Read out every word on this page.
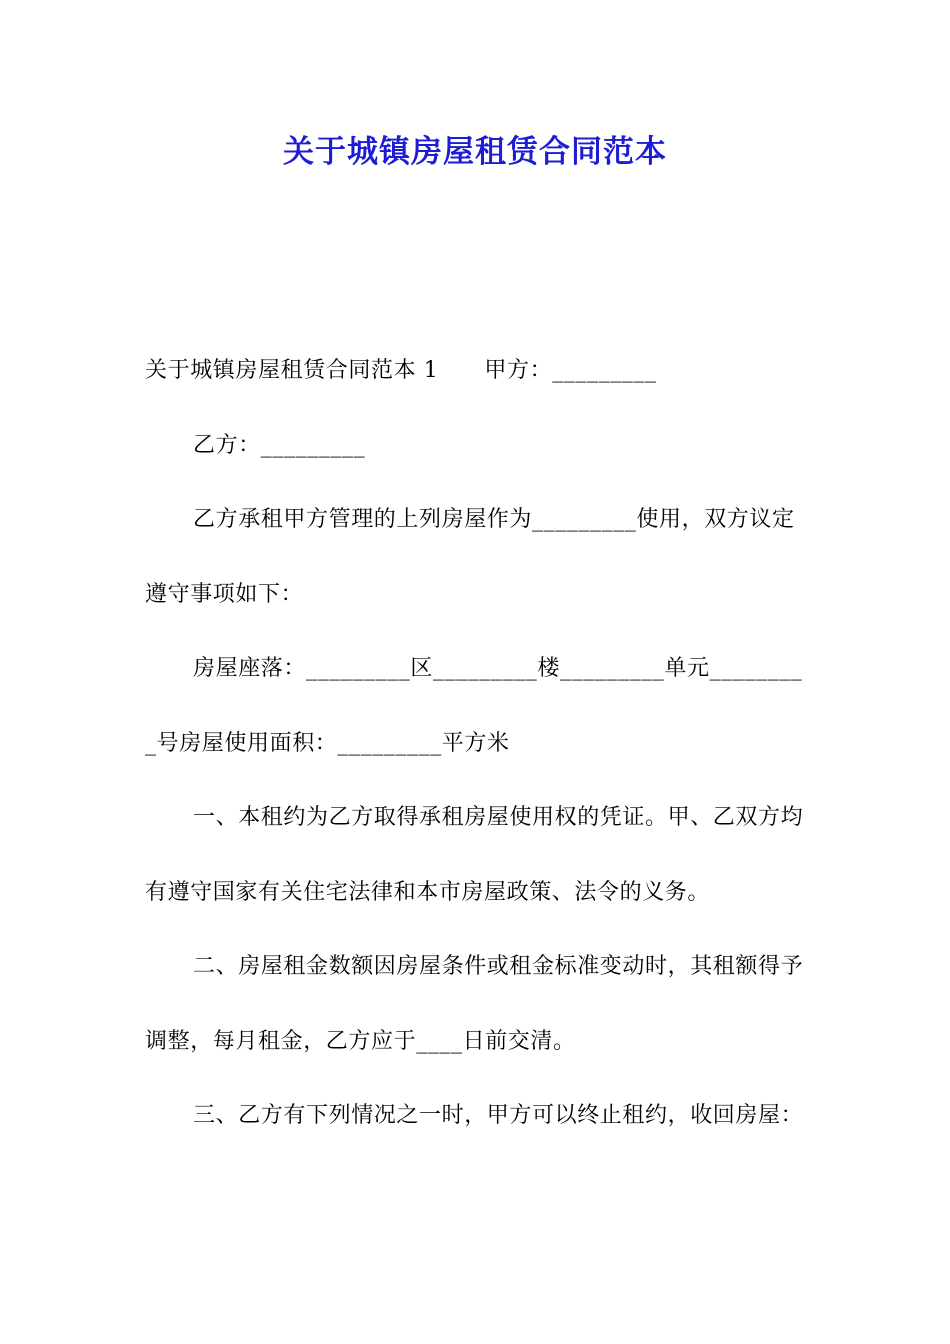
关于城镇房屋租赁合同范本

关于城镇房屋租赁合同范本 1 甲方：_________

乙方：_________

乙方承租甲方管理的上列房屋作为_________使用，双方议定遵守事项如下：

房屋座落：_________区_________楼_________单元_________号房屋使用面积：_________平方米

一、本租约为乙方取得承租房屋使用权的凭证。甲、乙双方均有遵守国家有关住宅法律和本市房屋政策、法令的义务。

二、房屋租金数额因房屋条件或租金标准变动时，其租额得予调整，每月租金，乙方应于____日前交清。

三、乙方有下列情况之一时，甲方可以终止租约，收回房屋：
